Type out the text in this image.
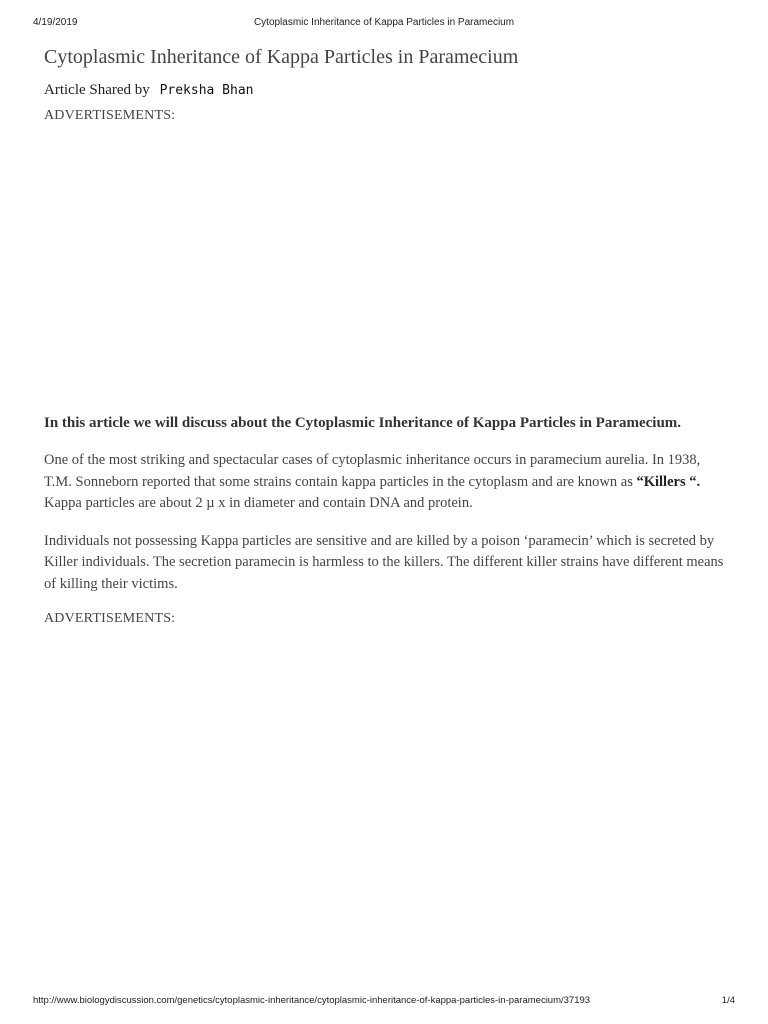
4/19/2019	Cytoplasmic Inheritance of Kappa Particles in Paramecium
Cytoplasmic Inheritance of Kappa Particles in Paramecium
Article Shared by Preksha Bhan
ADVERTISEMENTS:

In this article we will discuss about the Cytoplasmic Inheritance of Kappa Particles in Paramecium.

One of the most striking and spectacular cases of cytoplasmic inheritance occurs in paramecium aurelia. In 1938, T.M. Sonneborn reported that some strains contain kappa particles in the cytoplasm and are known as “Killers “. Kappa particles are about 2 µ x in diameter and contain DNA and protein.

Individuals not possessing Kappa particles are sensitive and are killed by a poison ‘paramecin’ which is secreted by Killer individuals. The secretion paramecin is harmless to the killers. The different killer strains have different means of killing their victims.

ADVERTISEMENTS:
http://www.biologydiscussion.com/genetics/cytoplasmic-inheritance/cytoplasmic-inheritance-of-kappa-particles-in-paramecium/37193	1/4
